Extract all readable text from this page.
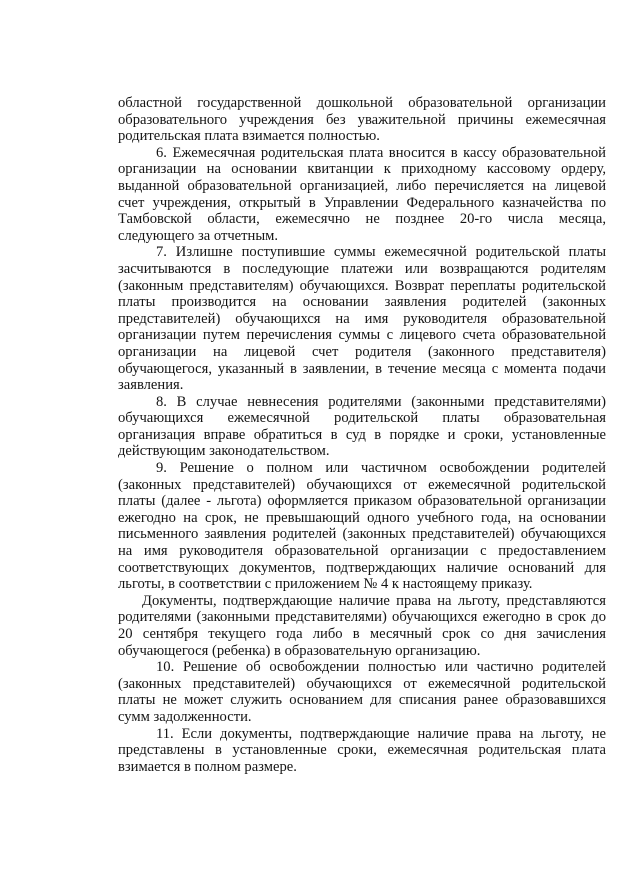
областной государственной дошкольной образовательной организации
образовательного учреждения без уважительной причины ежемесячная
родительская плата взимается полностью.

6. Ежемесячная родительская плата вносится в кассу образовательной
организации на основании квитанции к приходному кассовому ордеру,
выданной образовательной организацией, либо перечисляется на лицевой
счет учреждения, открытый в Управлении Федерального казначейства по
Тамбовской области, ежемесячно не позднее 20-го числа месяца,
следующего за отчетным.

7. Излишне поступившие суммы ежемесячной родительской платы
засчитываются в последующие платежи или возвращаются родителям
(законным представителям) обучающихся. Возврат переплаты родительской
платы производится на основании заявления родителей (законных
представителей) обучающихся на имя руководителя образовательной
организации путем перечисления суммы с лицевого счета образовательной
организации на лицевой счет родителя (законного представителя)
обучающегося, указанный в заявлении, в течение месяца с момента подачи
заявления.

8. В случае невнесения родителями (законными представителями)
обучающихся ежемесячной родительской платы образовательная
организация вправе обратиться в суд в порядке и сроки, установленные
действующим законодательством.

9. Решение о полном или частичном освобождении родителей
(законных представителей) обучающихся от ежемесячной родительской
платы (далее - льгота) оформляется приказом образовательной организации
ежегодно на срок, не превышающий одного учебного года, на основании
письменного заявления родителей (законных представителей) обучающихся
на имя руководителя образовательной организации с предоставлением
соответствующих документов, подтверждающих наличие оснований для
льготы, в соответствии с приложением № 4 к настоящему приказу.

Документы, подтверждающие наличие права на льготу, представляются
родителями (законными представителями) обучающихся ежегодно в срок до
20 сентября текущего года либо в месячный срок со дня зачисления
обучающегося (ребенка) в образовательную организацию.

10. Решение об освобождении полностью или частично родителей
(законных представителей) обучающихся от ежемесячной родительской
платы не может служить основанием для списания ранее образовавшихся
сумм задолженности.

11. Если документы, подтверждающие наличие права на льготу, не
представлены в установленные сроки, ежемесячная родительская плата
взимается в полном размере.
